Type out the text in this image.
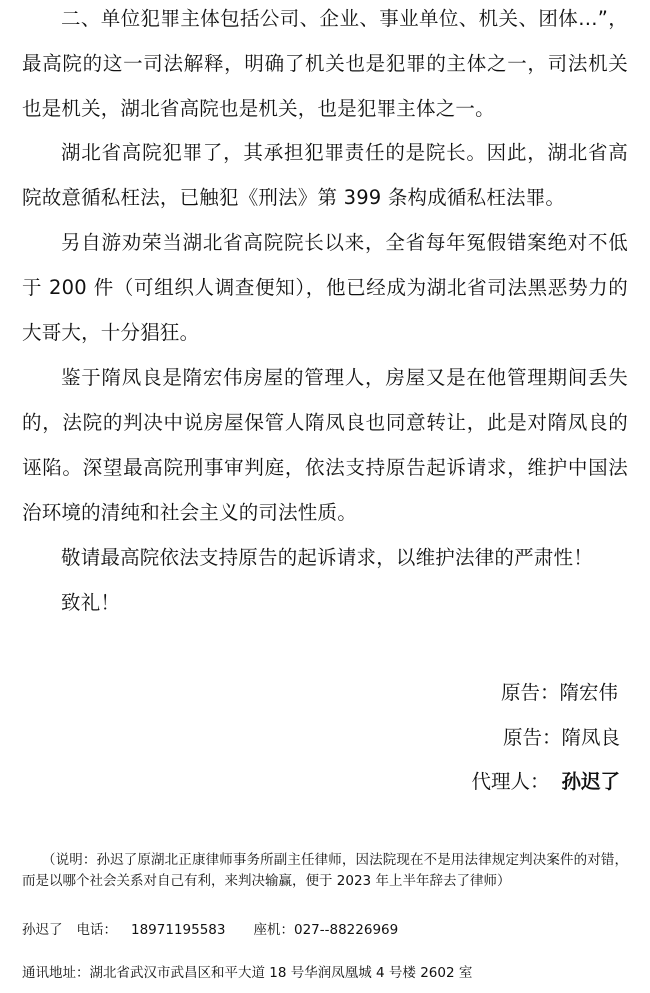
二、单位犯罪主体包括公司、企业、事业单位、机关、团体…”，最高院的这一司法解释，明确了机关也是犯罪的主体之一，司法机关也是机关，湖北省高院也是机关，也是犯罪主体之一。

湖北省高院犯罪了，其承担犯罪责任的是院长。因此，湖北省高院故意循私枉法，已触犯《刑法》第 399 条构成循私枉法罪。

另自游劝荣当湖北省高院院长以来，全省每年冤假错案绝对不低于 200 件（可组织人调查便知），他已经成为湖北省司法黑恶势力的大哥大，十分猖狂。

鉴于隋凤良是隋宏伟房屋的管理人，房屋又是在他管理期间丢失的，法院的判决中说房屋保管人隋凤良也同意转让，此是对隋凤良的诬陷。深望最高院刑事审判庭，依法支持原告起诉请求，维护中国法治环境的清纯和社会主义的司法性质。

敬请最高院依法支持原告的起诉请求，以维护法律的严肃性！

致礼！

原告：隋宏伟
原告：隋凤良
代理人： 孙迟了

（说明：孙迟了原湖北正康律师事务所副主任律师，因法院现在不是用法律规定判决案件的对错，而是以哪个社会关系对自己有利，来判决输赢，便于 2023 年上半年辞去了律师）

孙迟了 电话： 18971195583 座机：027--88226969
通讯地址：湖北省武汉市武昌区和平大道 18 号华润凤凰城 4 号楼 2602 室
